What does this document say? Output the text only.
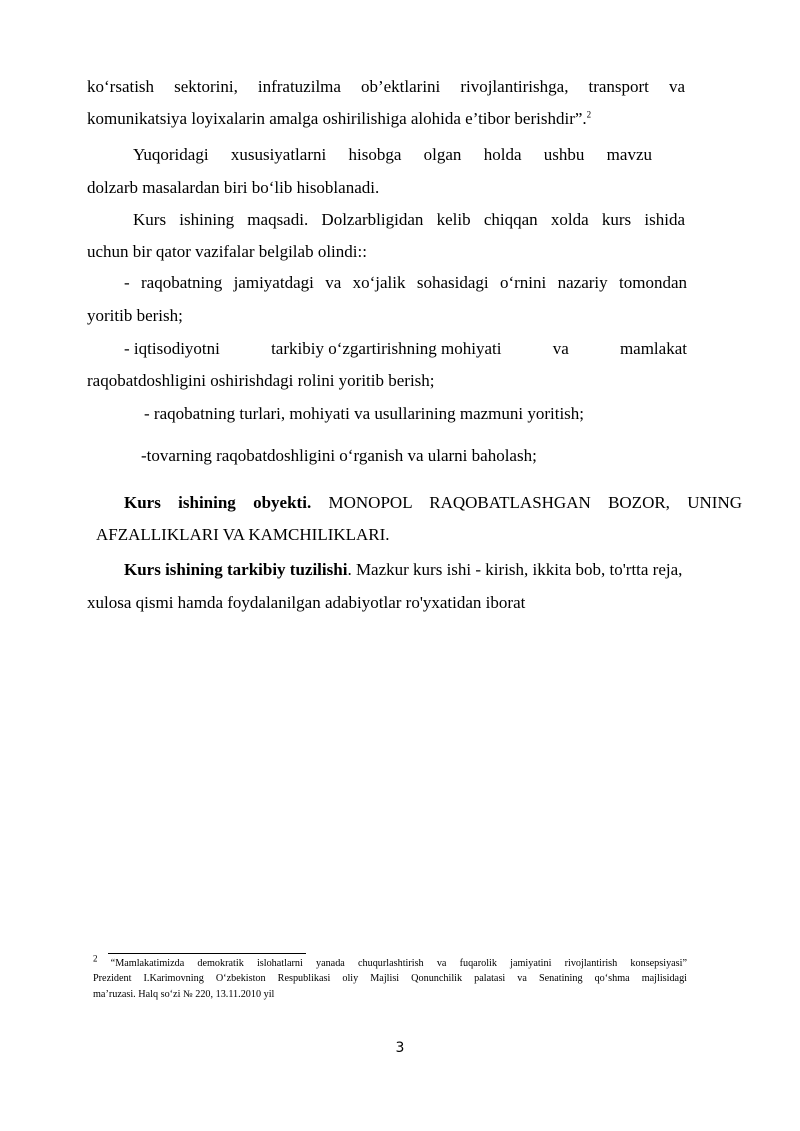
ko‘rsatish sektorini, infratuzilma ob’ektlarini rivojlantirishga, transport va
komunikatsiya loyixalarin amalga oshirilishiga alohida e’tibor berishdir”.$^2$
Yuqoridagi xususiyatlarni hisobga olgan holda ushbu mavzu
dolzarb masalardan biri bo‘lib hisoblanadi.
Kurs ishining maqsadi. Dolzarbligidan kelib chiqqan xolda kurs ishida
uchun bir qator vazifalar belgilab olindi::
- raqobatning jamiyatdagi va xo‘jalik sohasidagi o‘rnini nazariy tomondan
yoritib berish;
- iqtisodiyotni	tarkibiy o‘zgartirishning mohiyati	va	mamlakat
raqobatdoshligini oshirishdagi rolini yoritib berish;
- raqobatning turlari, mohiyati va usullarining mazmuni yoritish;
-tovarning raqobatdoshligini o‘rganish va ularni baholash;
Kurs ishining obyekti. MONOPOL RAQOBATLASHGAN BOZOR, UNING
AFZALLIKLARI VA KAMCHILIKLARI.
Kurs ishining tarkibiy tuzilishi. Mazkur kurs ishi - kirish, ikkita bob, to'rtta reja,
xulosa qismi hamda foydalanilgan adabiyotlar ro'yxatidan iborat
2 “Mamlakatimizda demokratik islohatlarni yanada chuqurlashtirish va fuqarolik jamiyatini rivojlantirish konsepsiyasi”
Prezident I.Karimovning O‘zbekiston Respublikasi oliy Majlisi Qonunchilik palatasi va Senatining qo‘shma majlisidagi
ma’ruzasi. Halq so‘zi № 220, 13.11.2010 yil
3
